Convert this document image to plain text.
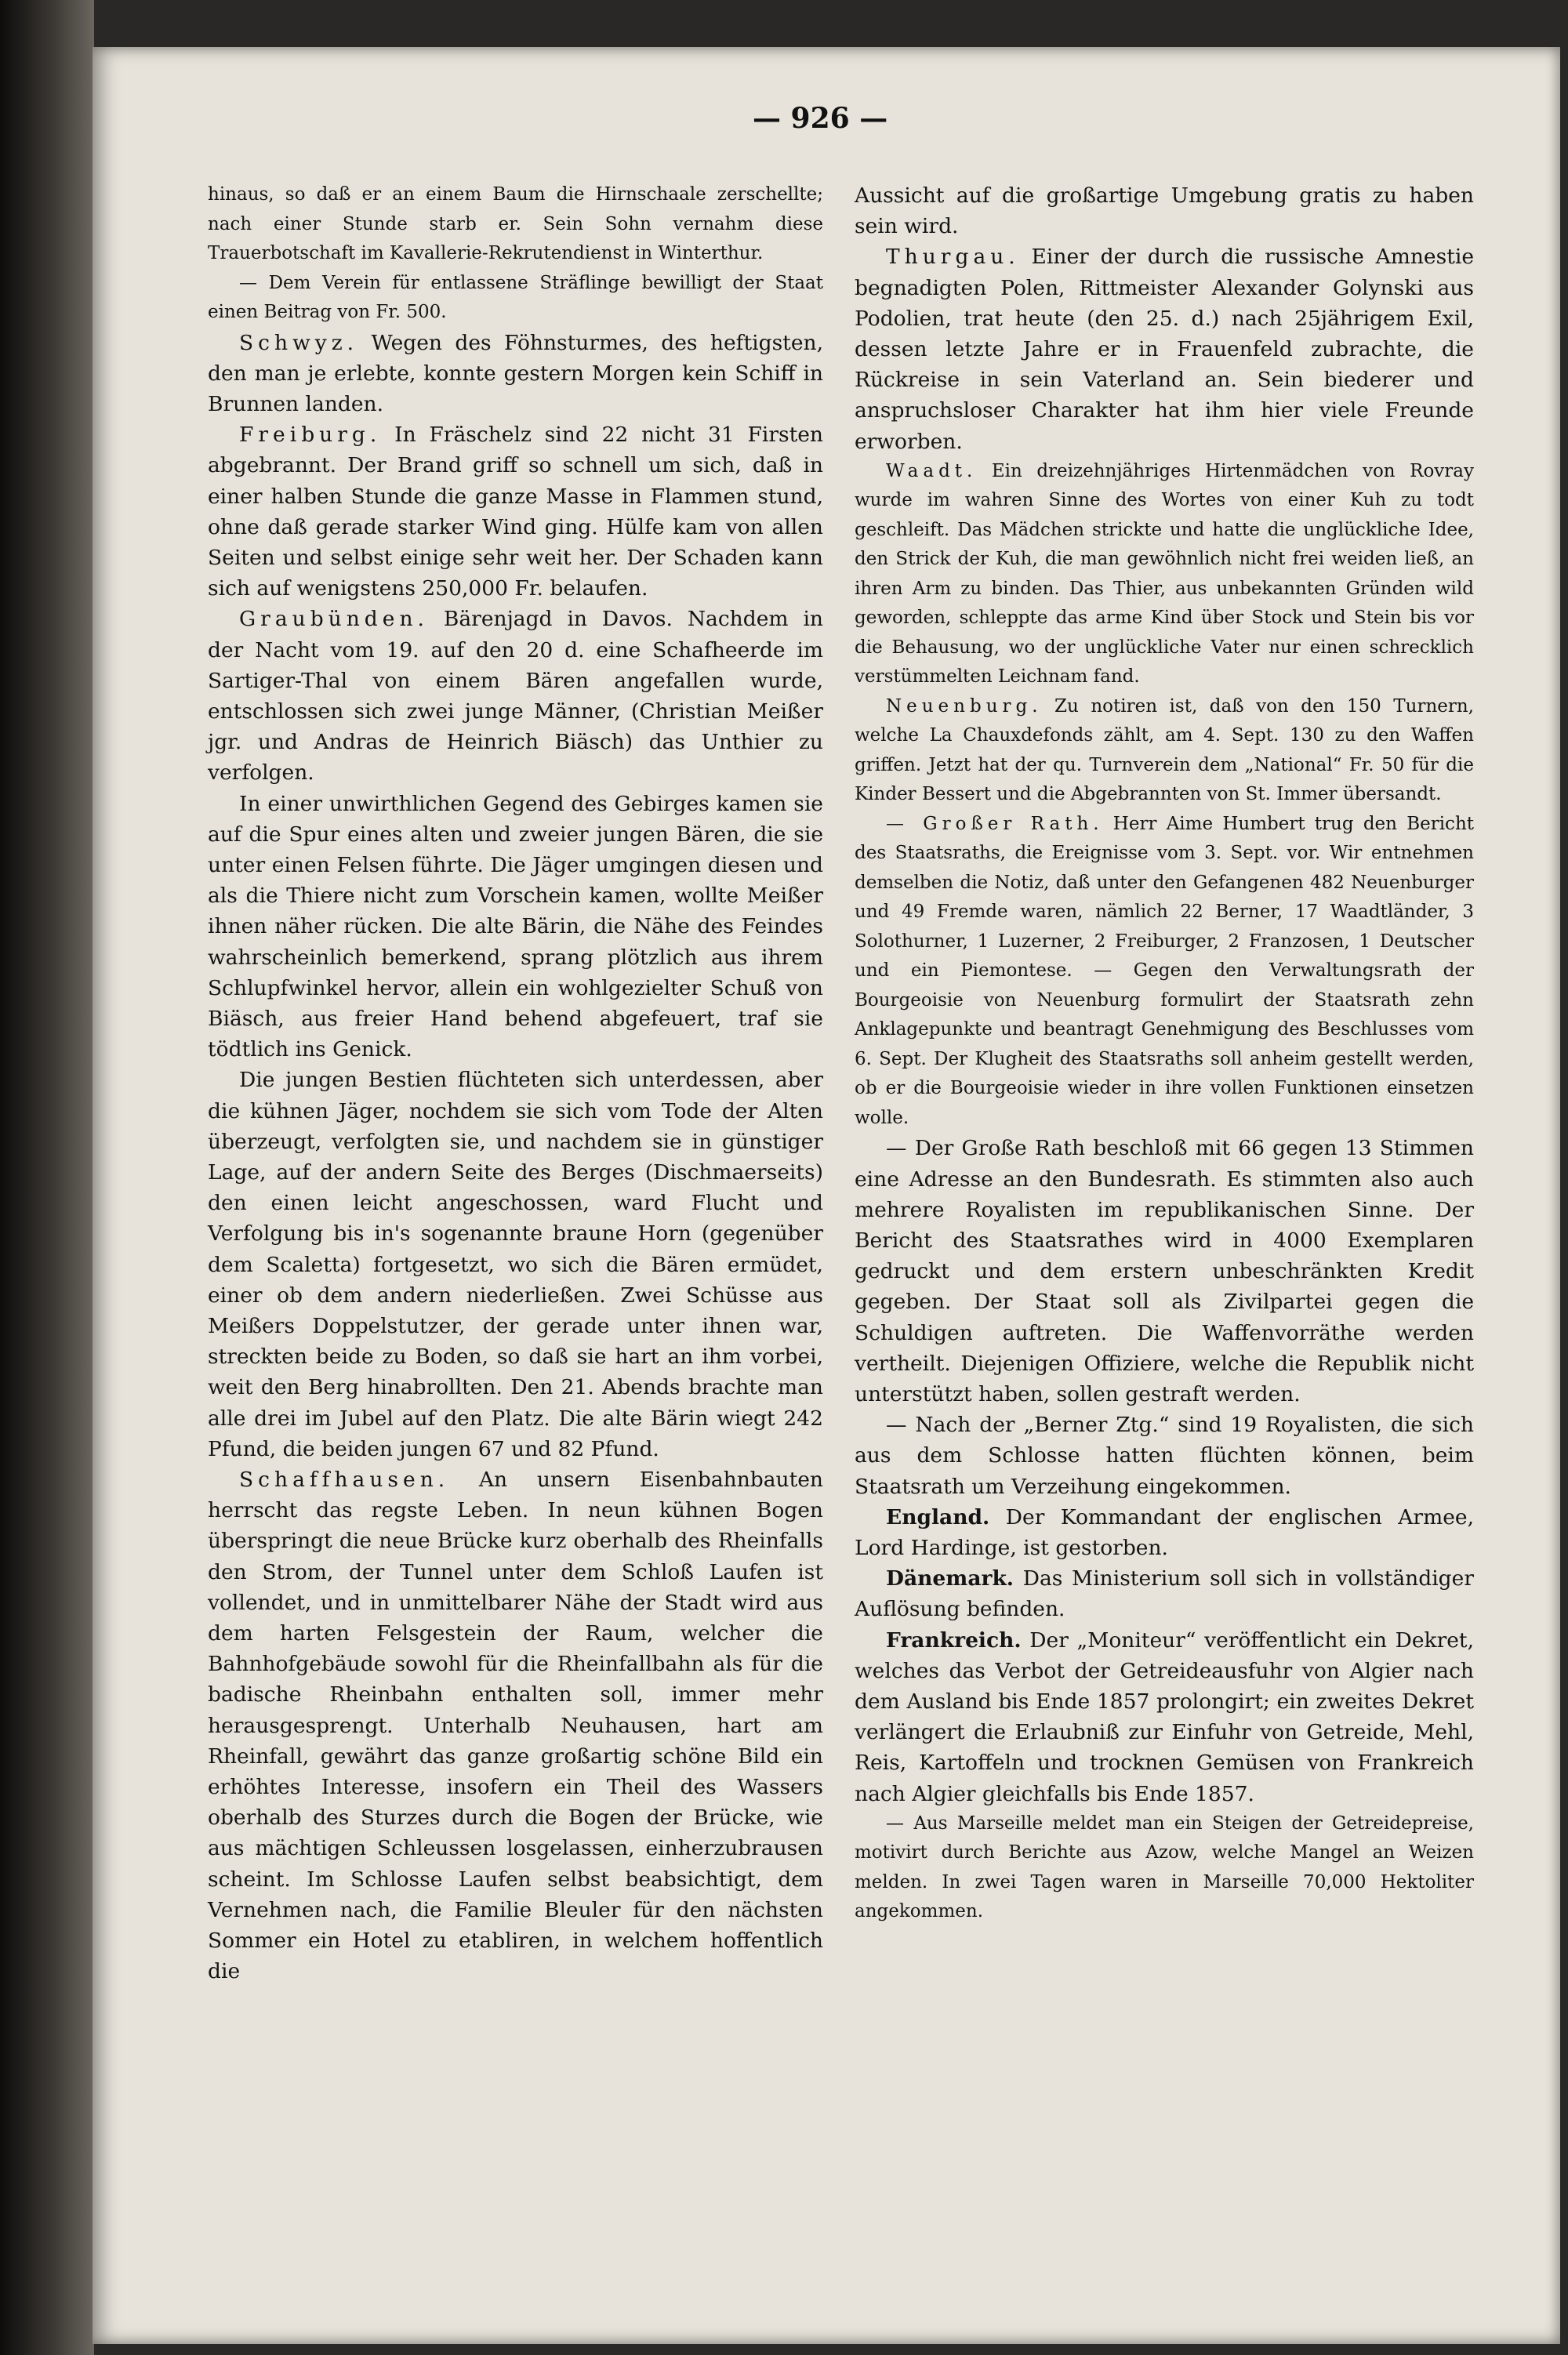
— 926 —

hinaus, so daß er an einem Baum die Hirnschaale zerschellte; nach einer Stunde starb er. Sein Sohn vernahm diese Trauerbotschaft im Kavallerie-Rekrutendienst in Winterthur.

— Dem Verein für entlassene Sträflinge bewilligt der Staat einen Beitrag von Fr. 500.

Schwyz. Wegen des Föhnsturmes, des heftigsten, den man je erlebte, konnte gestern Morgen kein Schiff in Brunnen landen.

Freiburg. In Fräschelz sind 22 nicht 31 Firsten abgebrannt. Der Brand griff so schnell um sich, daß in einer halben Stunde die ganze Masse in Flammen stund, ohne daß gerade starker Wind ging. Hülfe kam von allen Seiten und selbst einige sehr weit her. Der Schaden kann sich auf wenigstens 250,000 Fr. belaufen.

Graubünden. Bärenjagd in Davos. Nachdem in der Nacht vom 19. auf den 20 d. eine Schafheerde im Sartiger-Thal von einem Bären angefallen wurde, entschlossen sich zwei junge Männer, (Christian Meißer jgr. und Andras de Heinrich Biäsch) das Unthier zu verfolgen.

In einer unwirthlichen Gegend des Gebirges kamen sie auf die Spur eines alten und zweier jungen Bären, die sie unter einen Felsen führte. Die Jäger umgingen diesen und als die Thiere nicht zum Vorschein kamen, wollte Meißer ihnen näher rücken. Die alte Bärin, die Nähe des Feindes wahrscheinlich bemerkend, sprang plötzlich aus ihrem Schlupfwinkel hervor, allein ein wohlgezielter Schuß von Biäsch, aus freier Hand behend abgefeuert, traf sie tödtlich ins Genick.

Die jungen Bestien flüchteten sich unterdessen, aber die kühnen Jäger, nochdem sie sich vom Tode der Alten überzeugt, verfolgten sie, und nachdem sie in günstiger Lage, auf der andern Seite des Berges (Dischmaerseits) den einen leicht angeschossen, ward Flucht und Verfolgung bis in's sogenannte braune Horn (gegenüber dem Scaletta) fortgesetzt, wo sich die Bären ermüdet, einer ob dem andern niederließen. Zwei Schüsse aus Meißers Doppelstutzer, der gerade unter ihnen war, streckten beide zu Boden, so daß sie hart an ihm vorbei, weit den Berg hinabrollten. Den 21. Abends brachte man alle drei im Jubel auf den Platz. Die alte Bärin wiegt 242 Pfund, die beiden jungen 67 und 82 Pfund.

Schaffhausen. An unsern Eisenbahnbauten herrscht das regste Leben. In neun kühnen Bogen überspringt die neue Brücke kurz oberhalb des Rheinfalls den Strom, der Tunnel unter dem Schloß Laufen ist vollendet, und in unmittelbarer Nähe der Stadt wird aus dem harten Felsgestein der Raum, welcher die Bahnhofgebäude sowohl für die Rheinfallbahn als für die badische Rheinbahn enthalten soll, immer mehr herausgesprengt. Unterhalb Neuhausen, hart am Rheinfall, gewährt das ganze großartig schöne Bild ein erhöhtes Interesse, insofern ein Theil des Wassers oberhalb des Sturzes durch die Bogen der Brücke, wie aus mächtigen Schleussen losgelassen, einherzubrausen scheint. Im Schlosse Laufen selbst beabsichtigt, dem Vernehmen nach, die Familie Bleuler für den nächsten Sommer ein Hotel zu etabliren, in welchem hoffentlich die

Aussicht auf die großartige Umgebung gratis zu haben sein wird.

Thurgau. Einer der durch die russische Amnestie begnadigten Polen, Rittmeister Alexander Golynski aus Podolien, trat heute (den 25. d.) nach 25jährigem Exil, dessen letzte Jahre er in Frauenfeld zubrachte, die Rückreise in sein Vaterland an. Sein biederer und anspruchsloser Charakter hat ihm hier viele Freunde erworben.

Waadt. Ein dreizehnjähriges Hirtenmädchen von Rovray wurde im wahren Sinne des Wortes von einer Kuh zu todt geschleift. Das Mädchen strickte und hatte die unglückliche Idee, den Strick der Kuh, die man gewöhnlich nicht frei weiden ließ, an ihren Arm zu binden. Das Thier, aus unbekannten Gründen wild geworden, schleppte das arme Kind über Stock und Stein bis vor die Behausung, wo der unglückliche Vater nur einen schrecklich verstümmelten Leichnam fand.

Neuenburg. Zu notiren ist, daß von den 150 Turnern, welche La Chauxdefonds zählt, am 4. Sept. 130 zu den Waffen griffen. Jetzt hat der qu. Turnverein dem „National“ Fr. 50 für die Kinder Bessert und die Abgebrannten von St. Immer übersandt.

— Großer Rath. Herr Aime Humbert trug den Bericht des Staatsraths, die Ereignisse vom 3. Sept. vor. Wir entnehmen demselben die Notiz, daß unter den Gefangenen 482 Neuenburger und 49 Fremde waren, nämlich 22 Berner, 17 Waadtländer, 3 Solothurner, 1 Luzerner, 2 Freiburger, 2 Franzosen, 1 Deutscher und ein Piemontese. — Gegen den Verwaltungsrath der Bourgeoisie von Neuenburg formulirt der Staatsrath zehn Anklagepunkte und beantragt Genehmigung des Beschlusses vom 6. Sept. Der Klugheit des Staatsraths soll anheim gestellt werden, ob er die Bourgeoisie wieder in ihre vollen Funktionen einsetzen wolle.

— Der Große Rath beschloß mit 66 gegen 13 Stimmen eine Adresse an den Bundesrath. Es stimmten also auch mehrere Royalisten im republikanischen Sinne. Der Bericht des Staatsrathes wird in 4000 Exemplaren gedruckt und dem erstern unbeschränkten Kredit gegeben. Der Staat soll als Zivilpartei gegen die Schuldigen auftreten. Die Waffenvorräthe werden vertheilt. Diejenigen Offiziere, welche die Republik nicht unterstützt haben, sollen gestraft werden.

— Nach der „Berner Ztg.“ sind 19 Royalisten, die sich aus dem Schlosse hatten flüchten können, beim Staatsrath um Verzeihung eingekommen.

England. Der Kommandant der englischen Armee, Lord Hardinge, ist gestorben.

Dänemark. Das Ministerium soll sich in vollständiger Auflösung befinden.

Frankreich. Der „Moniteur“ veröffentlicht ein Dekret, welches das Verbot der Getreideausfuhr von Algier nach dem Ausland bis Ende 1857 prolongirt; ein zweites Dekret verlängert die Erlaubniß zur Einfuhr von Getreide, Mehl, Reis, Kartoffeln und trocknen Gemüsen von Frankreich nach Algier gleichfalls bis Ende 1857.

— Aus Marseille meldet man ein Steigen der Getreidepreise, motivirt durch Berichte aus Azow, welche Mangel an Weizen melden. In zwei Tagen waren in Marseille 70,000 Hektoliter angekommen.
